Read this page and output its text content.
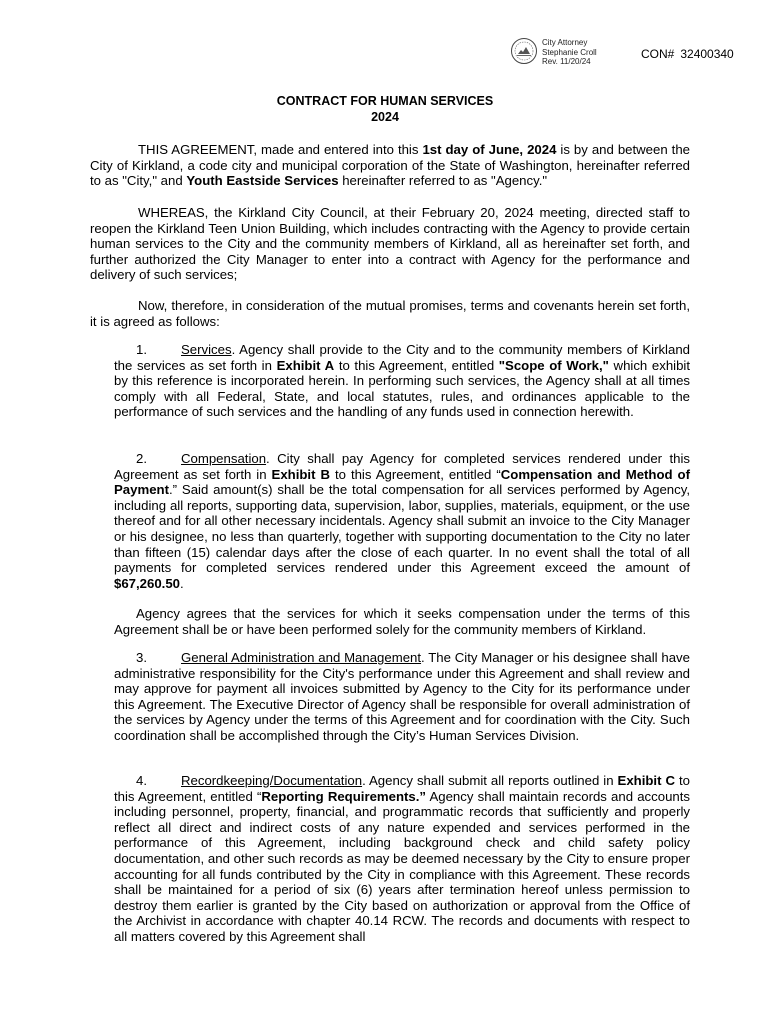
City Attorney
Stephanie Croll
Rev. 11/20/24
CON# 32400340
CONTRACT FOR HUMAN SERVICES
2024

THIS AGREEMENT, made and entered into this 1st day of June, 2024 is by and between the City of Kirkland, a code city and municipal corporation of the State of Washington, hereinafter referred to as "City," and Youth Eastside Services hereinafter referred to as "Agency."

WHEREAS, the Kirkland City Council, at their February 20, 2024 meeting, directed staff to reopen the Kirkland Teen Union Building, which includes contracting with the Agency to provide certain human services to the City and the community members of Kirkland, all as hereinafter set forth, and further authorized the City Manager to enter into a contract with Agency for the performance and delivery of such services;

Now, therefore, in consideration of the mutual promises, terms and covenants herein set forth, it is agreed as follows:

1.	Services. Agency shall provide to the City and to the community members of Kirkland the services as set forth in Exhibit A to this Agreement, entitled "Scope of Work," which exhibit by this reference is incorporated herein. In performing such services, the Agency shall at all times comply with all Federal, State, and local statutes, rules, and ordinances applicable to the performance of such services and the handling of any funds used in connection herewith.

2.	Compensation. City shall pay Agency for completed services rendered under this Agreement as set forth in Exhibit B to this Agreement, entitled “Compensation and Method of Payment.” Said amount(s) shall be the total compensation for all services performed by Agency, including all reports, supporting data, supervision, labor, supplies, materials, equipment, or the use thereof and for all other necessary incidentals. Agency shall submit an invoice to the City Manager or his designee, no less than quarterly, together with supporting documentation to the City no later than fifteen (15) calendar days after the close of each quarter. In no event shall the total of all payments for completed services rendered under this Agreement exceed the amount of $67,260.50.

Agency agrees that the services for which it seeks compensation under the terms of this Agreement shall be or have been performed solely for the community members of Kirkland.

3.	General Administration and Management. The City Manager or his designee shall have administrative responsibility for the City's performance under this Agreement and shall review and may approve for payment all invoices submitted by Agency to the City for its performance under this Agreement. The Executive Director of Agency shall be responsible for overall administration of the services by Agency under the terms of this Agreement and for coordination with the City. Such coordination shall be accomplished through the City’s Human Services Division.

4.	Recordkeeping/Documentation. Agency shall submit all reports outlined in Exhibit C to this Agreement, entitled “Reporting Requirements.” Agency shall maintain records and accounts including personnel, property, financial, and programmatic records that sufficiently and properly reflect all direct and indirect costs of any nature expended and services performed in the performance of this Agreement, including background check and child safety policy documentation, and other such records as may be deemed necessary by the City to ensure proper accounting for all funds contributed by the City in compliance with this Agreement. These records shall be maintained for a period of six (6) years after termination hereof unless permission to destroy them earlier is granted by the City based on authorization or approval from the Office of the Archivist in accordance with chapter 40.14 RCW. The records and documents with respect to all matters covered by this Agreement shall
